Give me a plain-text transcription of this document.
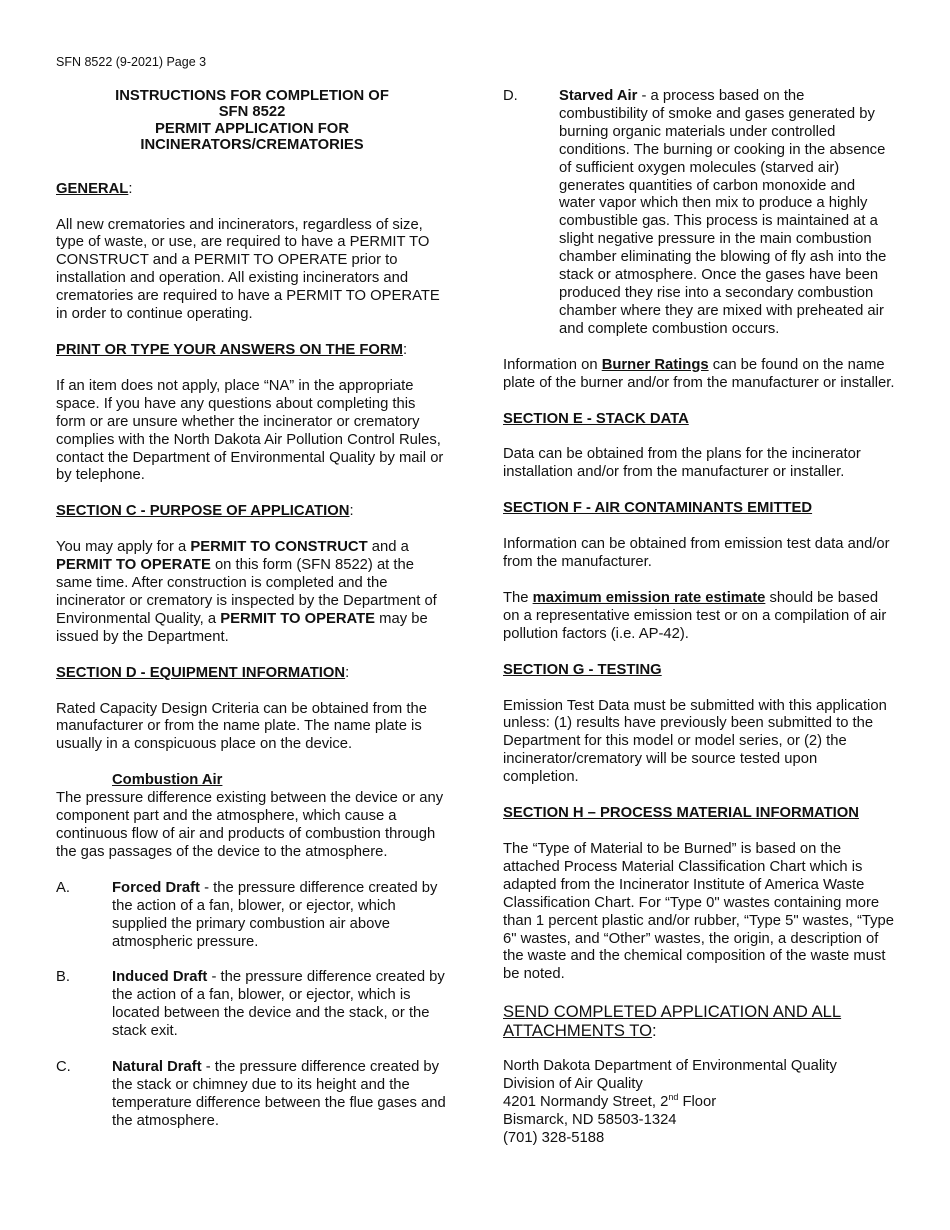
SFN 8522 (9-2021) Page 3
INSTRUCTIONS FOR COMPLETION OF
SFN 8522
PERMIT APPLICATION FOR
INCINERATORS/CREMATORIES
GENERAL:

All new crematories and incinerators, regardless of size, type of waste, or use, are required to have a PERMIT TO CONSTRUCT and a PERMIT TO OPERATE prior to installation and operation. All existing incinerators and crematories are required to have a PERMIT TO OPERATE in order to continue operating.

PRINT OR TYPE YOUR ANSWERS ON THE FORM:

If an item does not apply, place “NA” in the appropriate space. If you have any questions about completing this form or are unsure whether the incinerator or crematory complies with the North Dakota Air Pollution Control Rules, contact the Department of Environmental Quality by mail or by telephone.

SECTION C - PURPOSE OF APPLICATION:

You may apply for a PERMIT TO CONSTRUCT and a PERMIT TO OPERATE on this form (SFN 8522) at the same time. After construction is completed and the incinerator or crematory is inspected by the Department of Environmental Quality, a PERMIT TO OPERATE may be issued by the Department.

SECTION D - EQUIPMENT INFORMATION:

Rated Capacity Design Criteria can be obtained from the manufacturer or from the name plate. The name plate is usually in a conspicuous place on the device.

Combustion Air

The pressure difference existing between the device or any component part and the atmosphere, which cause a continuous flow of air and products of combustion through the gas passages of the device to the atmosphere.

A.	Forced Draft - the pressure difference created by the action of a fan, blower, or ejector, which supplied the primary combustion air above atmospheric pressure.
B.	Induced Draft - the pressure difference created by the action of a fan, blower, or ejector, which is located between the device and the stack, or the stack exit.
C.	Natural Draft - the pressure difference created by the stack or chimney due to its height and the temperature difference between the flue gases and the atmosphere.
D.	Starved Air - a process based on the combustibility of smoke and gases generated by burning organic materials under controlled conditions. The burning or cooking in the absence of sufficient oxygen molecules (starved air) generates quantities of carbon monoxide and water vapor which then mix to produce a highly combustible gas. This process is maintained at a slight negative pressure in the main combustion chamber eliminating the blowing of fly ash into the stack or atmosphere. Once the gases have been produced they rise into a secondary combustion chamber where they are mixed with preheated air and complete combustion occurs.

Information on Burner Ratings can be found on the name plate of the burner and/or from the manufacturer or installer.

SECTION E - STACK DATA

Data can be obtained from the plans for the incinerator installation and/or from the manufacturer or installer.

SECTION F - AIR CONTAMINANTS EMITTED

Information can be obtained from emission test data and/or from the manufacturer.

The maximum emission rate estimate should be based on a representative emission test or on a compilation of air pollution factors (i.e. AP-42).

SECTION G - TESTING

Emission Test Data must be submitted with this application unless: (1) results have previously been submitted to the Department for this model or model series, or (2) the incinerator/crematory will be source tested upon completion.

SECTION H – PROCESS MATERIAL INFORMATION

The “Type of Material to be Burned” is based on the attached Process Material Classification Chart which is adapted from the Incinerator Institute of America Waste Classification Chart. For “Type 0" wastes containing more than 1 percent plastic and/or rubber, “Type 5" wastes, “Type 6" wastes, and “Other” wastes, the origin, a description of the waste and the chemical composition of the waste must be noted.

SEND COMPLETED APPLICATION AND ALL ATTACHMENTS TO:
North Dakota Department of Environmental Quality
Division of Air Quality
4201 Normandy Street, 2nd Floor
Bismarck, ND 58503-1324
(701) 328-5188
